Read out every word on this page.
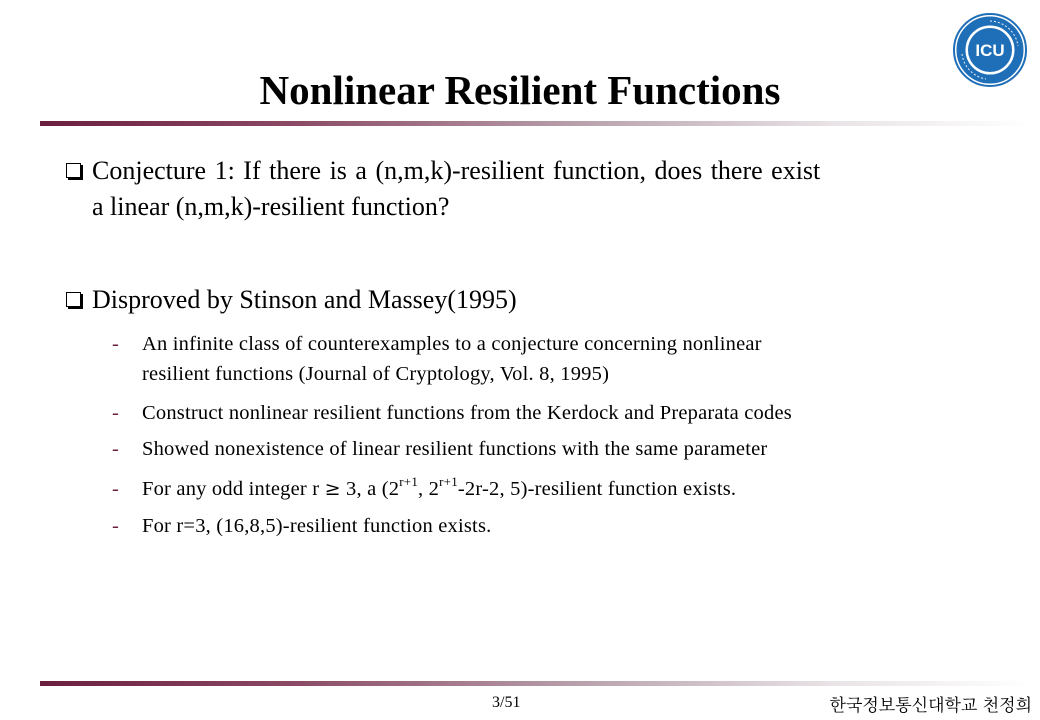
ICU
Nonlinear Resilient Functions
Conjecture 1: If there is a (n,m,k)-resilient function, does there exist
a linear (n,m,k)-resilient function?
Disproved by Stinson and Massey(1995)
- An infinite class of counterexamples to a conjecture concerning nonlinear
resilient functions (Journal of Cryptology, Vol. 8, 1995)
- Construct nonlinear resilient functions from the Kerdock and Preparata codes
- Showed nonexistence of linear resilient functions with the same parameter
- For any odd integer r ≥ 3, a ($2^{r+1}$, $2^{r+1}-2r-2$, 5)-resilient function exists.
- For r=3, (16,8,5)-resilient function exists.
3/51	한국정보통신대학교 천정희
